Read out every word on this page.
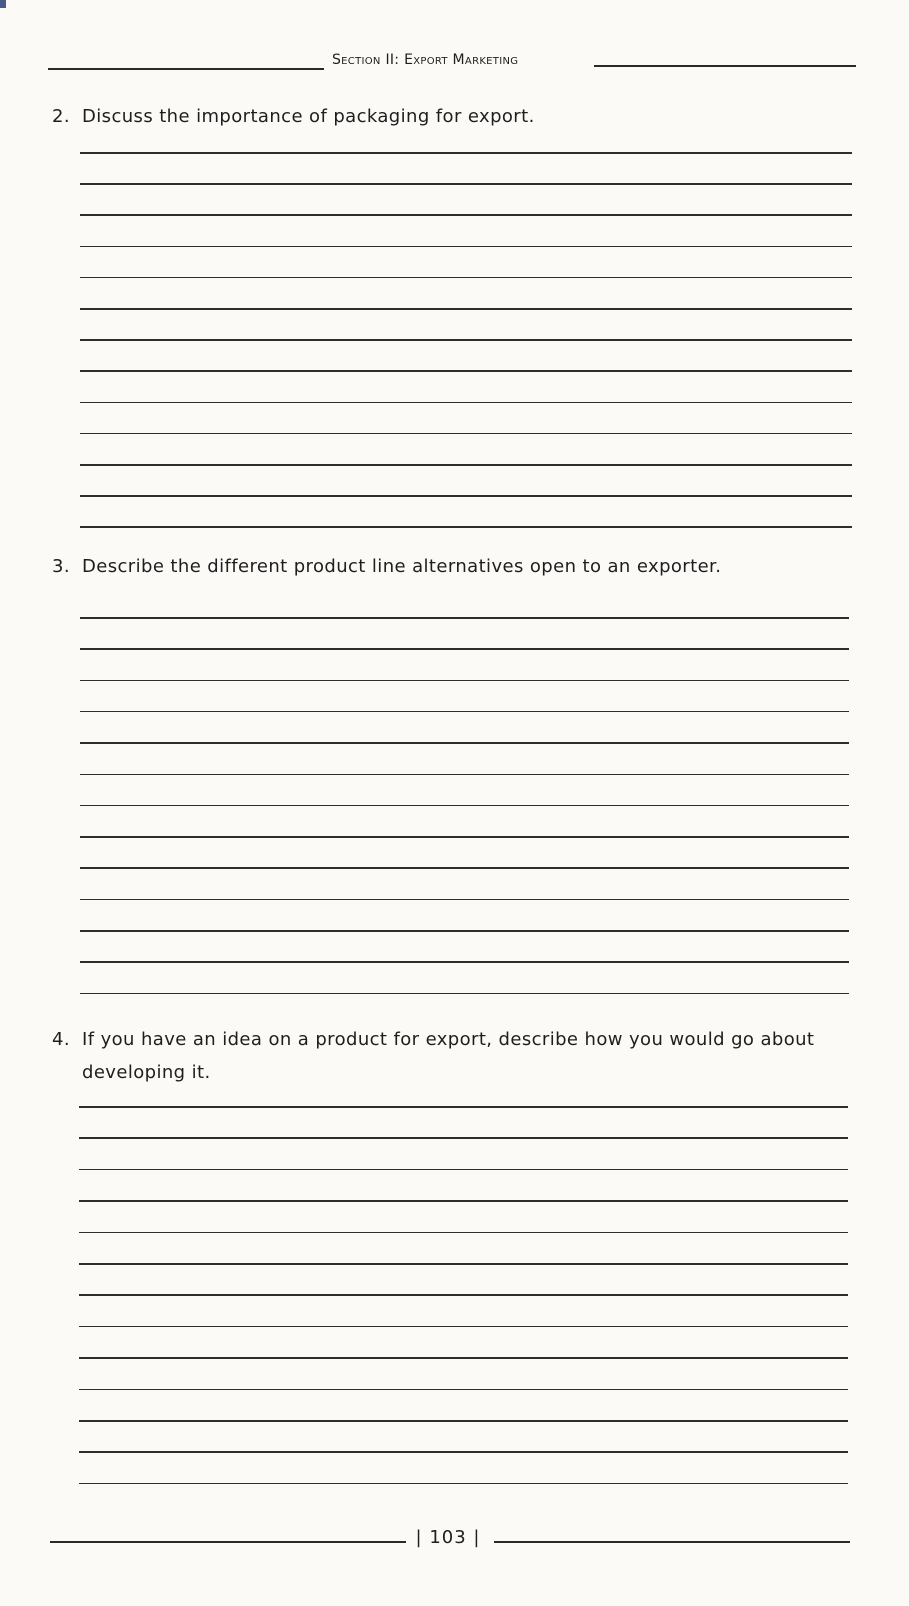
Section II: Export Marketing
2. Discuss the importance of packaging for export.
3. Describe the different product line alternatives open to an exporter.
4. If you have an idea on a product for export, describe how you would go about developing it.
| 103 |
